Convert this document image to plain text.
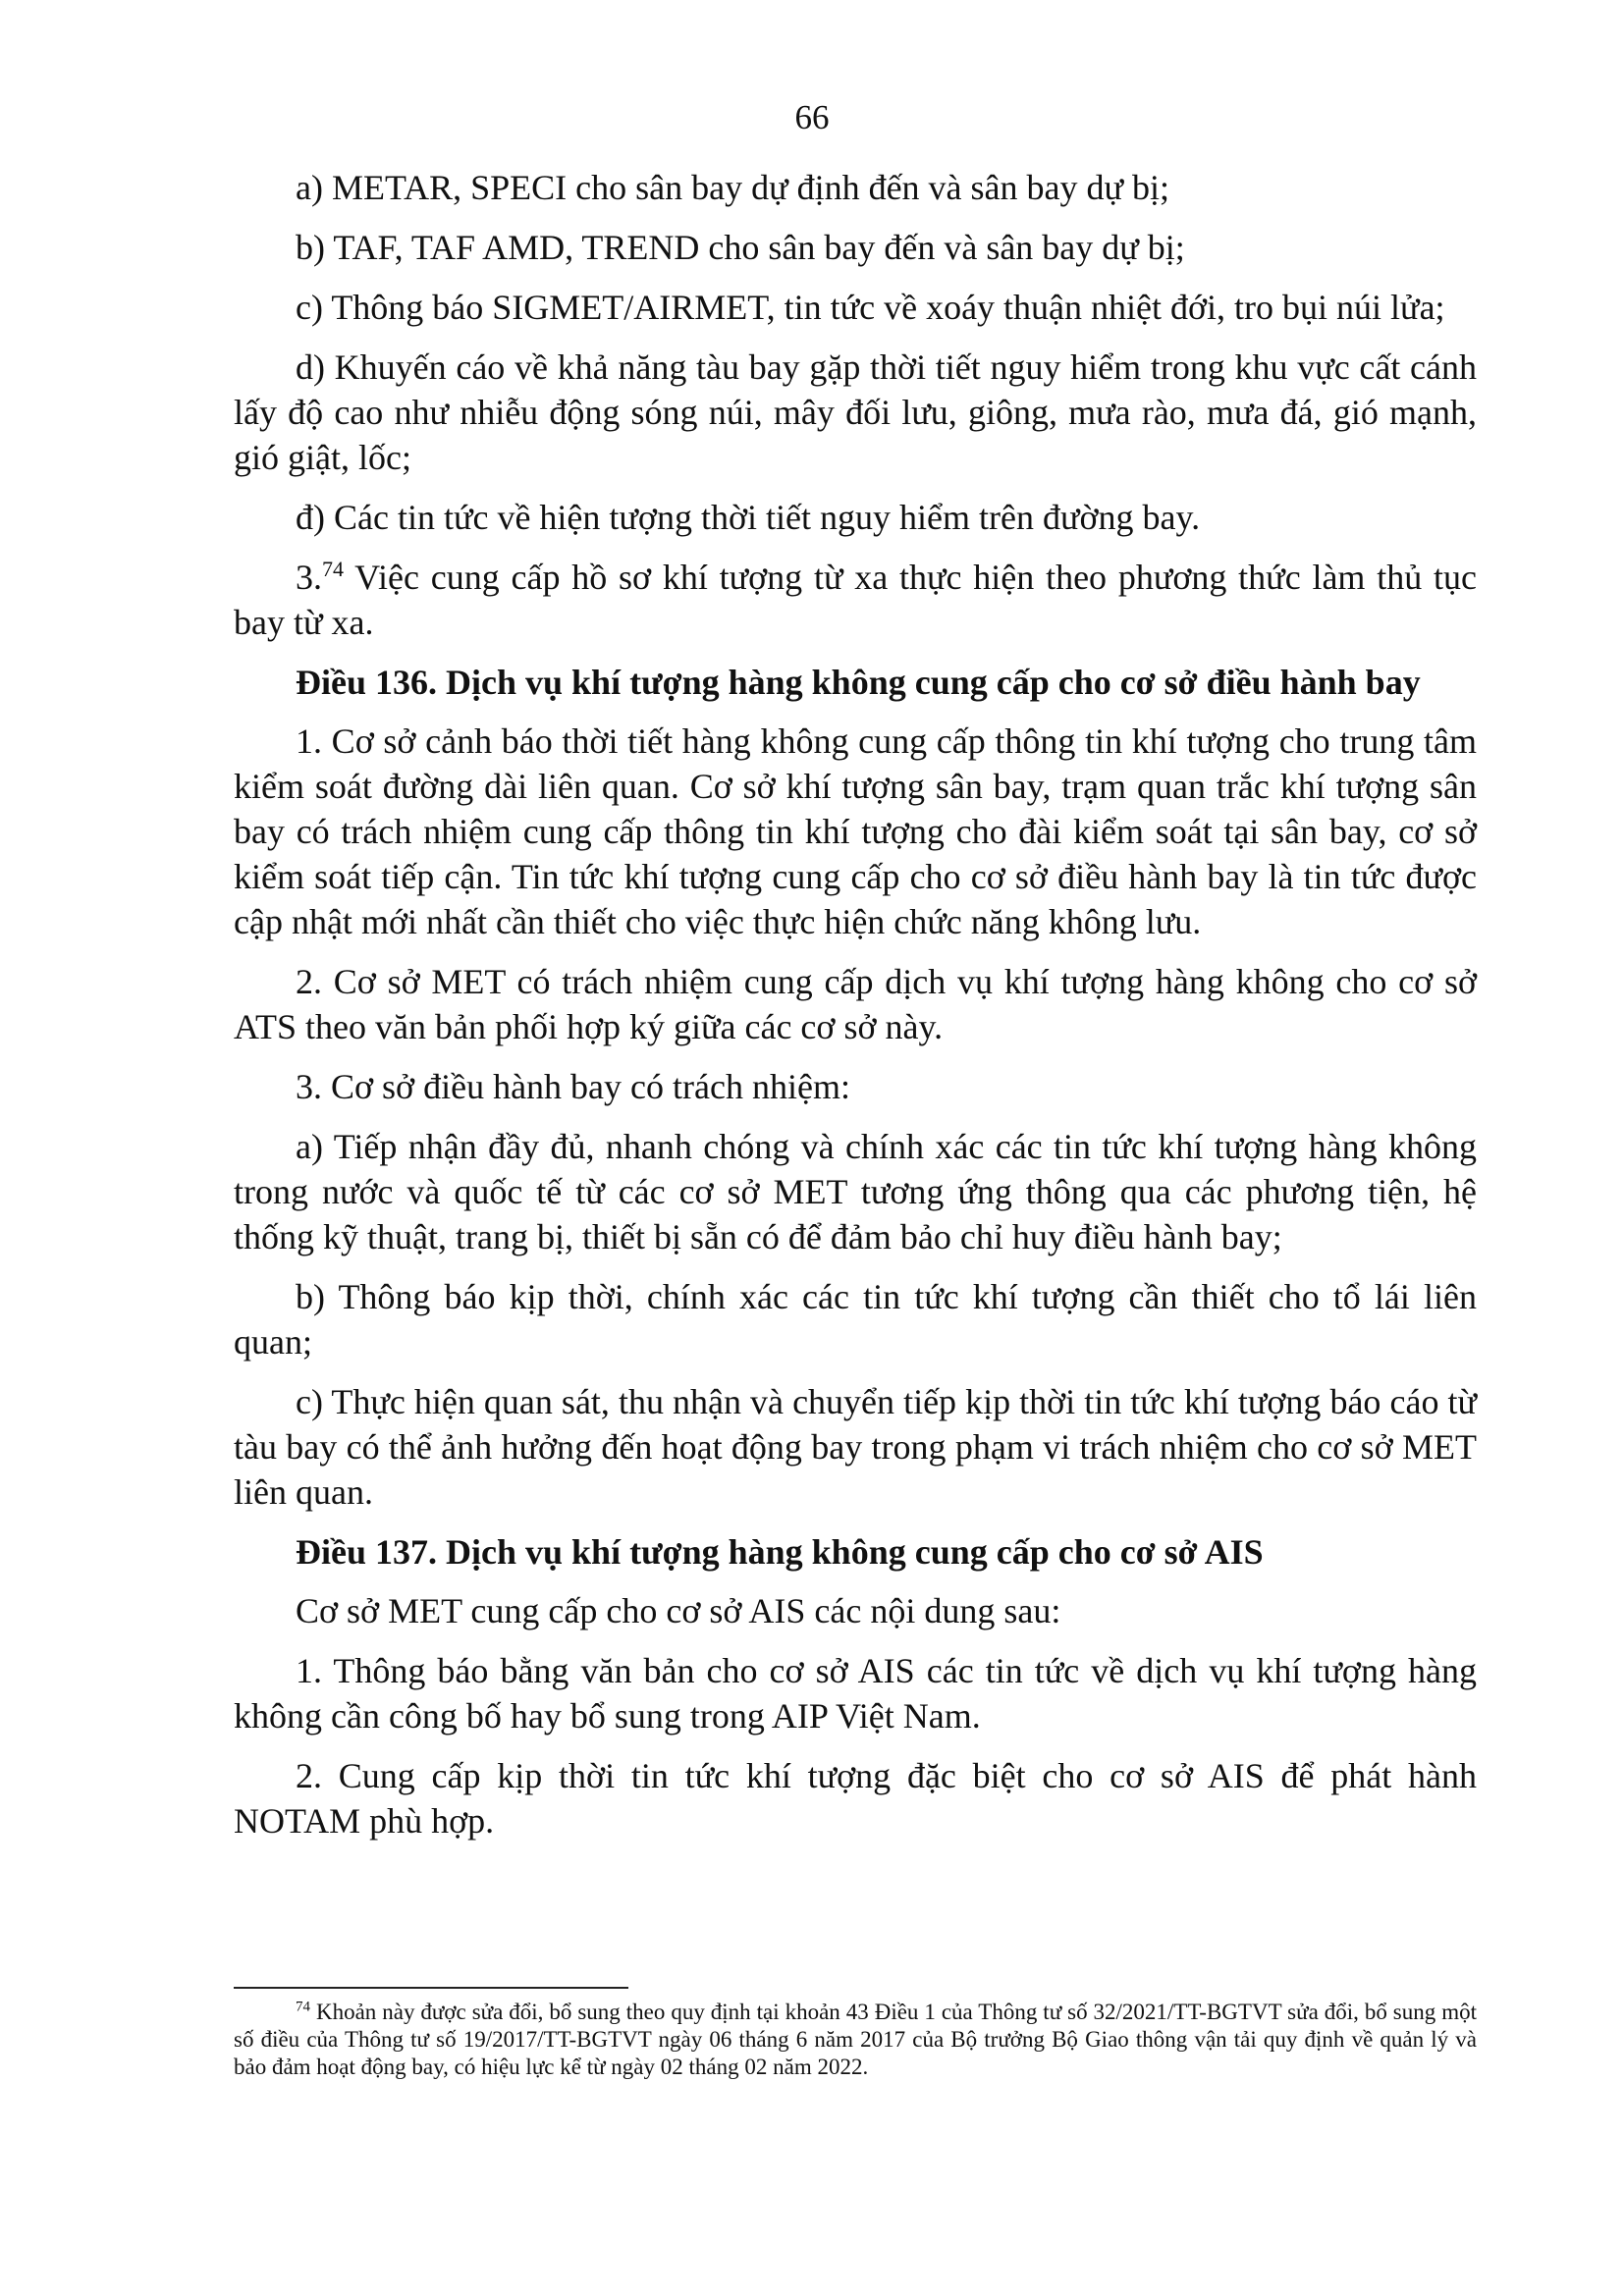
66

a) METAR, SPECI cho sân bay dự định đến và sân bay dự bị;

b) TAF, TAF AMD, TREND cho sân bay đến và sân bay dự bị;

c) Thông báo SIGMET/AIRMET, tin tức về xoáy thuận nhiệt đới, tro bụi núi lửa;

d) Khuyến cáo về khả năng tàu bay gặp thời tiết nguy hiểm trong khu vực cất cánh lấy độ cao như nhiễu động sóng núi, mây đối lưu, giông, mưa rào, mưa đá, gió mạnh, gió giật, lốc;

đ) Các tin tức về hiện tượng thời tiết nguy hiểm trên đường bay.

3.74 Việc cung cấp hồ sơ khí tượng từ xa thực hiện theo phương thức làm thủ tục bay từ xa.

Điều 136. Dịch vụ khí tượng hàng không cung cấp cho cơ sở điều hành bay

1. Cơ sở cảnh báo thời tiết hàng không cung cấp thông tin khí tượng cho trung tâm kiểm soát đường dài liên quan. Cơ sở khí tượng sân bay, trạm quan trắc khí tượng sân bay có trách nhiệm cung cấp thông tin khí tượng cho đài kiểm soát tại sân bay, cơ sở kiểm soát tiếp cận. Tin tức khí tượng cung cấp cho cơ sở điều hành bay là tin tức được cập nhật mới nhất cần thiết cho việc thực hiện chức năng không lưu.

2. Cơ sở MET có trách nhiệm cung cấp dịch vụ khí tượng hàng không cho cơ sở ATS theo văn bản phối hợp ký giữa các cơ sở này.

3. Cơ sở điều hành bay có trách nhiệm:

a) Tiếp nhận đầy đủ, nhanh chóng và chính xác các tin tức khí tượng hàng không trong nước và quốc tế từ các cơ sở MET tương ứng thông qua các phương tiện, hệ thống kỹ thuật, trang bị, thiết bị sẵn có để đảm bảo chỉ huy điều hành bay;

b) Thông báo kịp thời, chính xác các tin tức khí tượng cần thiết cho tổ lái liên quan;

c) Thực hiện quan sát, thu nhận và chuyển tiếp kịp thời tin tức khí tượng báo cáo từ tàu bay có thể ảnh hưởng đến hoạt động bay trong phạm vi trách nhiệm cho cơ sở MET liên quan.

Điều 137. Dịch vụ khí tượng hàng không cung cấp cho cơ sở AIS

Cơ sở MET cung cấp cho cơ sở AIS các nội dung sau:

1. Thông báo bằng văn bản cho cơ sở AIS các tin tức về dịch vụ khí tượng hàng không cần công bố hay bổ sung trong AIP Việt Nam.

2. Cung cấp kịp thời tin tức khí tượng đặc biệt cho cơ sở AIS để phát hành NOTAM phù hợp.

$^{74}$ Khoản này được sửa đổi, bổ sung theo quy định tại khoản 43 Điều 1 của Thông tư số 32/2021/TT-BGTVT sửa đổi, bổ sung một số điều của Thông tư số 19/2017/TT-BGTVT ngày 06 tháng 6 năm 2017 của Bộ trưởng Bộ Giao thông vận tải quy định về quản lý và bảo đảm hoạt động bay, có hiệu lực kể từ ngày 02 tháng 02 năm 2022.
